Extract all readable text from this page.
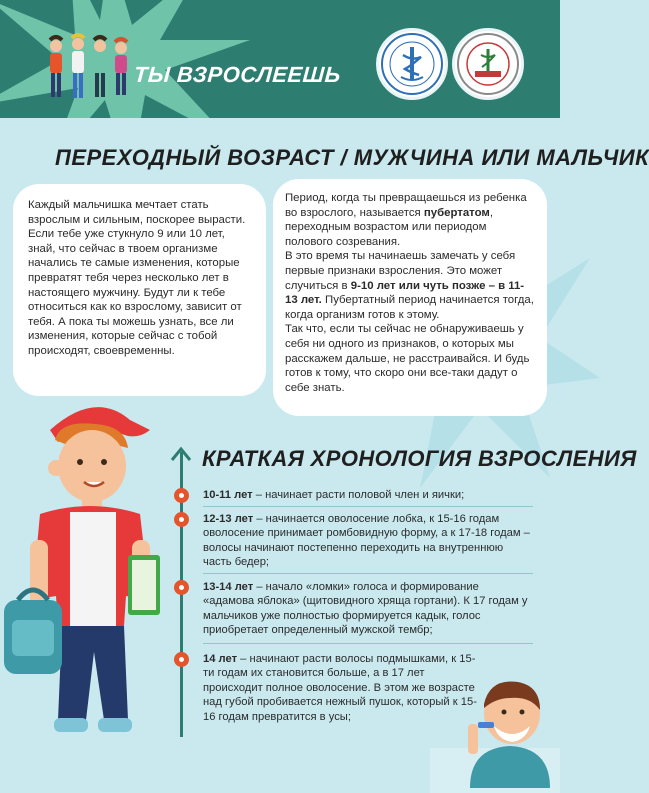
ТЫ ВЗРОСЛЕЕШЬ
ПЕРЕХОДНЫЙ ВОЗРАСТ / МУЖЧИНА ИЛИ МАЛЬЧИК

Каждый мальчишка мечтает стать взрослым и сильным, поскорее вырасти. Если тебе уже стукнуло 9 или 10 лет, знай, что сейчас в твоем организме начались те самые изменения, которые превратят тебя через несколько лет в настоящего мужчину. Будут ли к тебе относиться как ко взрослому, зависит от тебя. А пока ты можешь узнать, все ли изменения, которые сейчас с тобой происходят, своевременны.

Период, когда ты превращаешься из ребенка во взрослого, называется пубертатом, переходным возрастом или периодом полового созревания.

В это время ты начинаешь замечать у себя первые признаки взросления. Это может случиться в 9-10 лет или чуть позже – в 11-13 лет. Пубертатный период начинается тогда, когда организм готов к этому.

Так что, если ты сейчас не обнаруживаешь у себя ни одного из признаков, о которых мы расскажем дальше, не расстраивайся. И будь готов к тому, что скоро они все-таки дадут о себе знать.

КРАТКАЯ ХРОНОЛОГИЯ ВЗРОСЛЕНИЯ
10-11 лет – начинает расти половой член и яички;
12-13 лет – начинается оволосение лобка, к 15-16 годам оволосение принимает ромбовидную форму, а к 17-18 годам – волосы начинают постепенно переходить на внутреннюю часть бедер;
13-14 лет – начало «ломки» голоса и формирование «адамова яблока» (щитовидного хряща гортани). К 17 годам у мальчиков уже полностью формируется кадык, голос приобретает определенный мужской тембр;
14 лет – начинают расти волосы подмышками, к 15-ти годам их становится больше, а в 17 лет происходит полное оволосение. В этом же возрасте над губой пробивается нежный пушок, который к 15-16 годам превратится в усы;
